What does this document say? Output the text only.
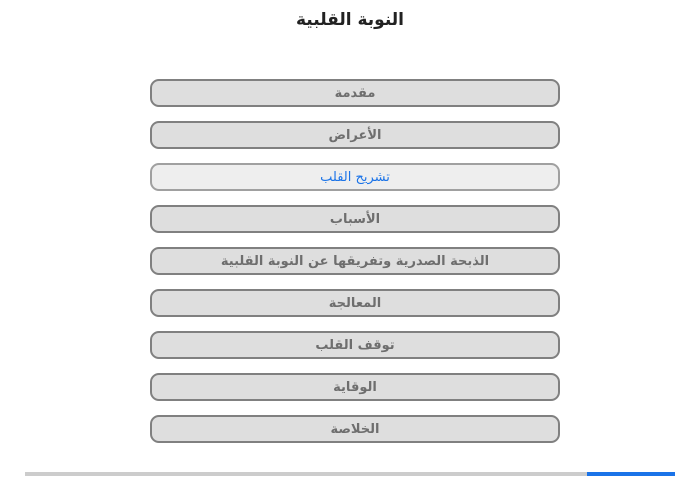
النوبة القلبية
مقدمة
الأعراض
تشريح القلب
الأسباب
الذبحة الصدرية وتفريقها عن النوبة القلبية
المعالجة
توقف القلب
الوقاية
الخلاصة
